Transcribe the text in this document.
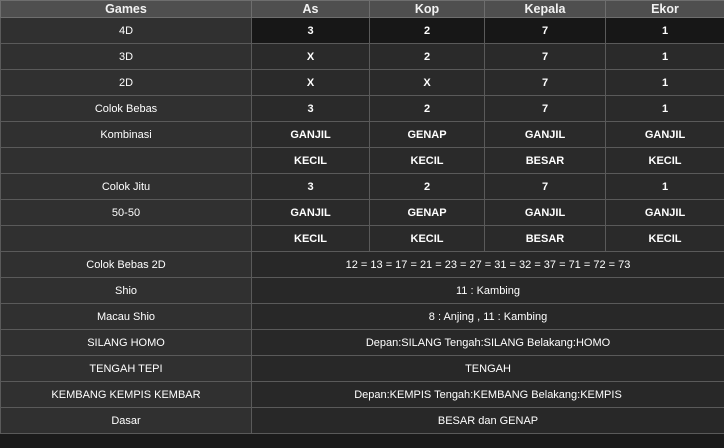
Games	As	Kop	Kepala	Ekor
4D	3	2	7	1
3D	X	2	7	1
2D	X	X	7	1
Colok Bebas	3	2	7	1
Kombinasi	GANJIL	GENAP	GANJIL	GANJIL
	KECIL	KECIL	BESAR	KECIL
Colok Jitu	3	2	7	1
50-50	GANJIL	GENAP	GANJIL	GANJIL
	KECIL	KECIL	BESAR	KECIL
Colok Bebas 2D	12 = 13 = 17 = 21 = 23 = 27 = 31 = 32 = 37 = 71 = 72 = 73			
Shio	11 : Kambing			
Macau Shio	8 : Anjing , 11 : Kambing			
SILANG HOMO	Depan:SILANG Tengah:SILANG Belakang:HOMO			
TENGAH TEPI	TENGAH			
KEMBANG KEMPIS KEMBAR	Depan:KEMPIS Tengah:KEMBANG Belakang:KEMPIS			
Dasar	BESAR dan GENAP			
